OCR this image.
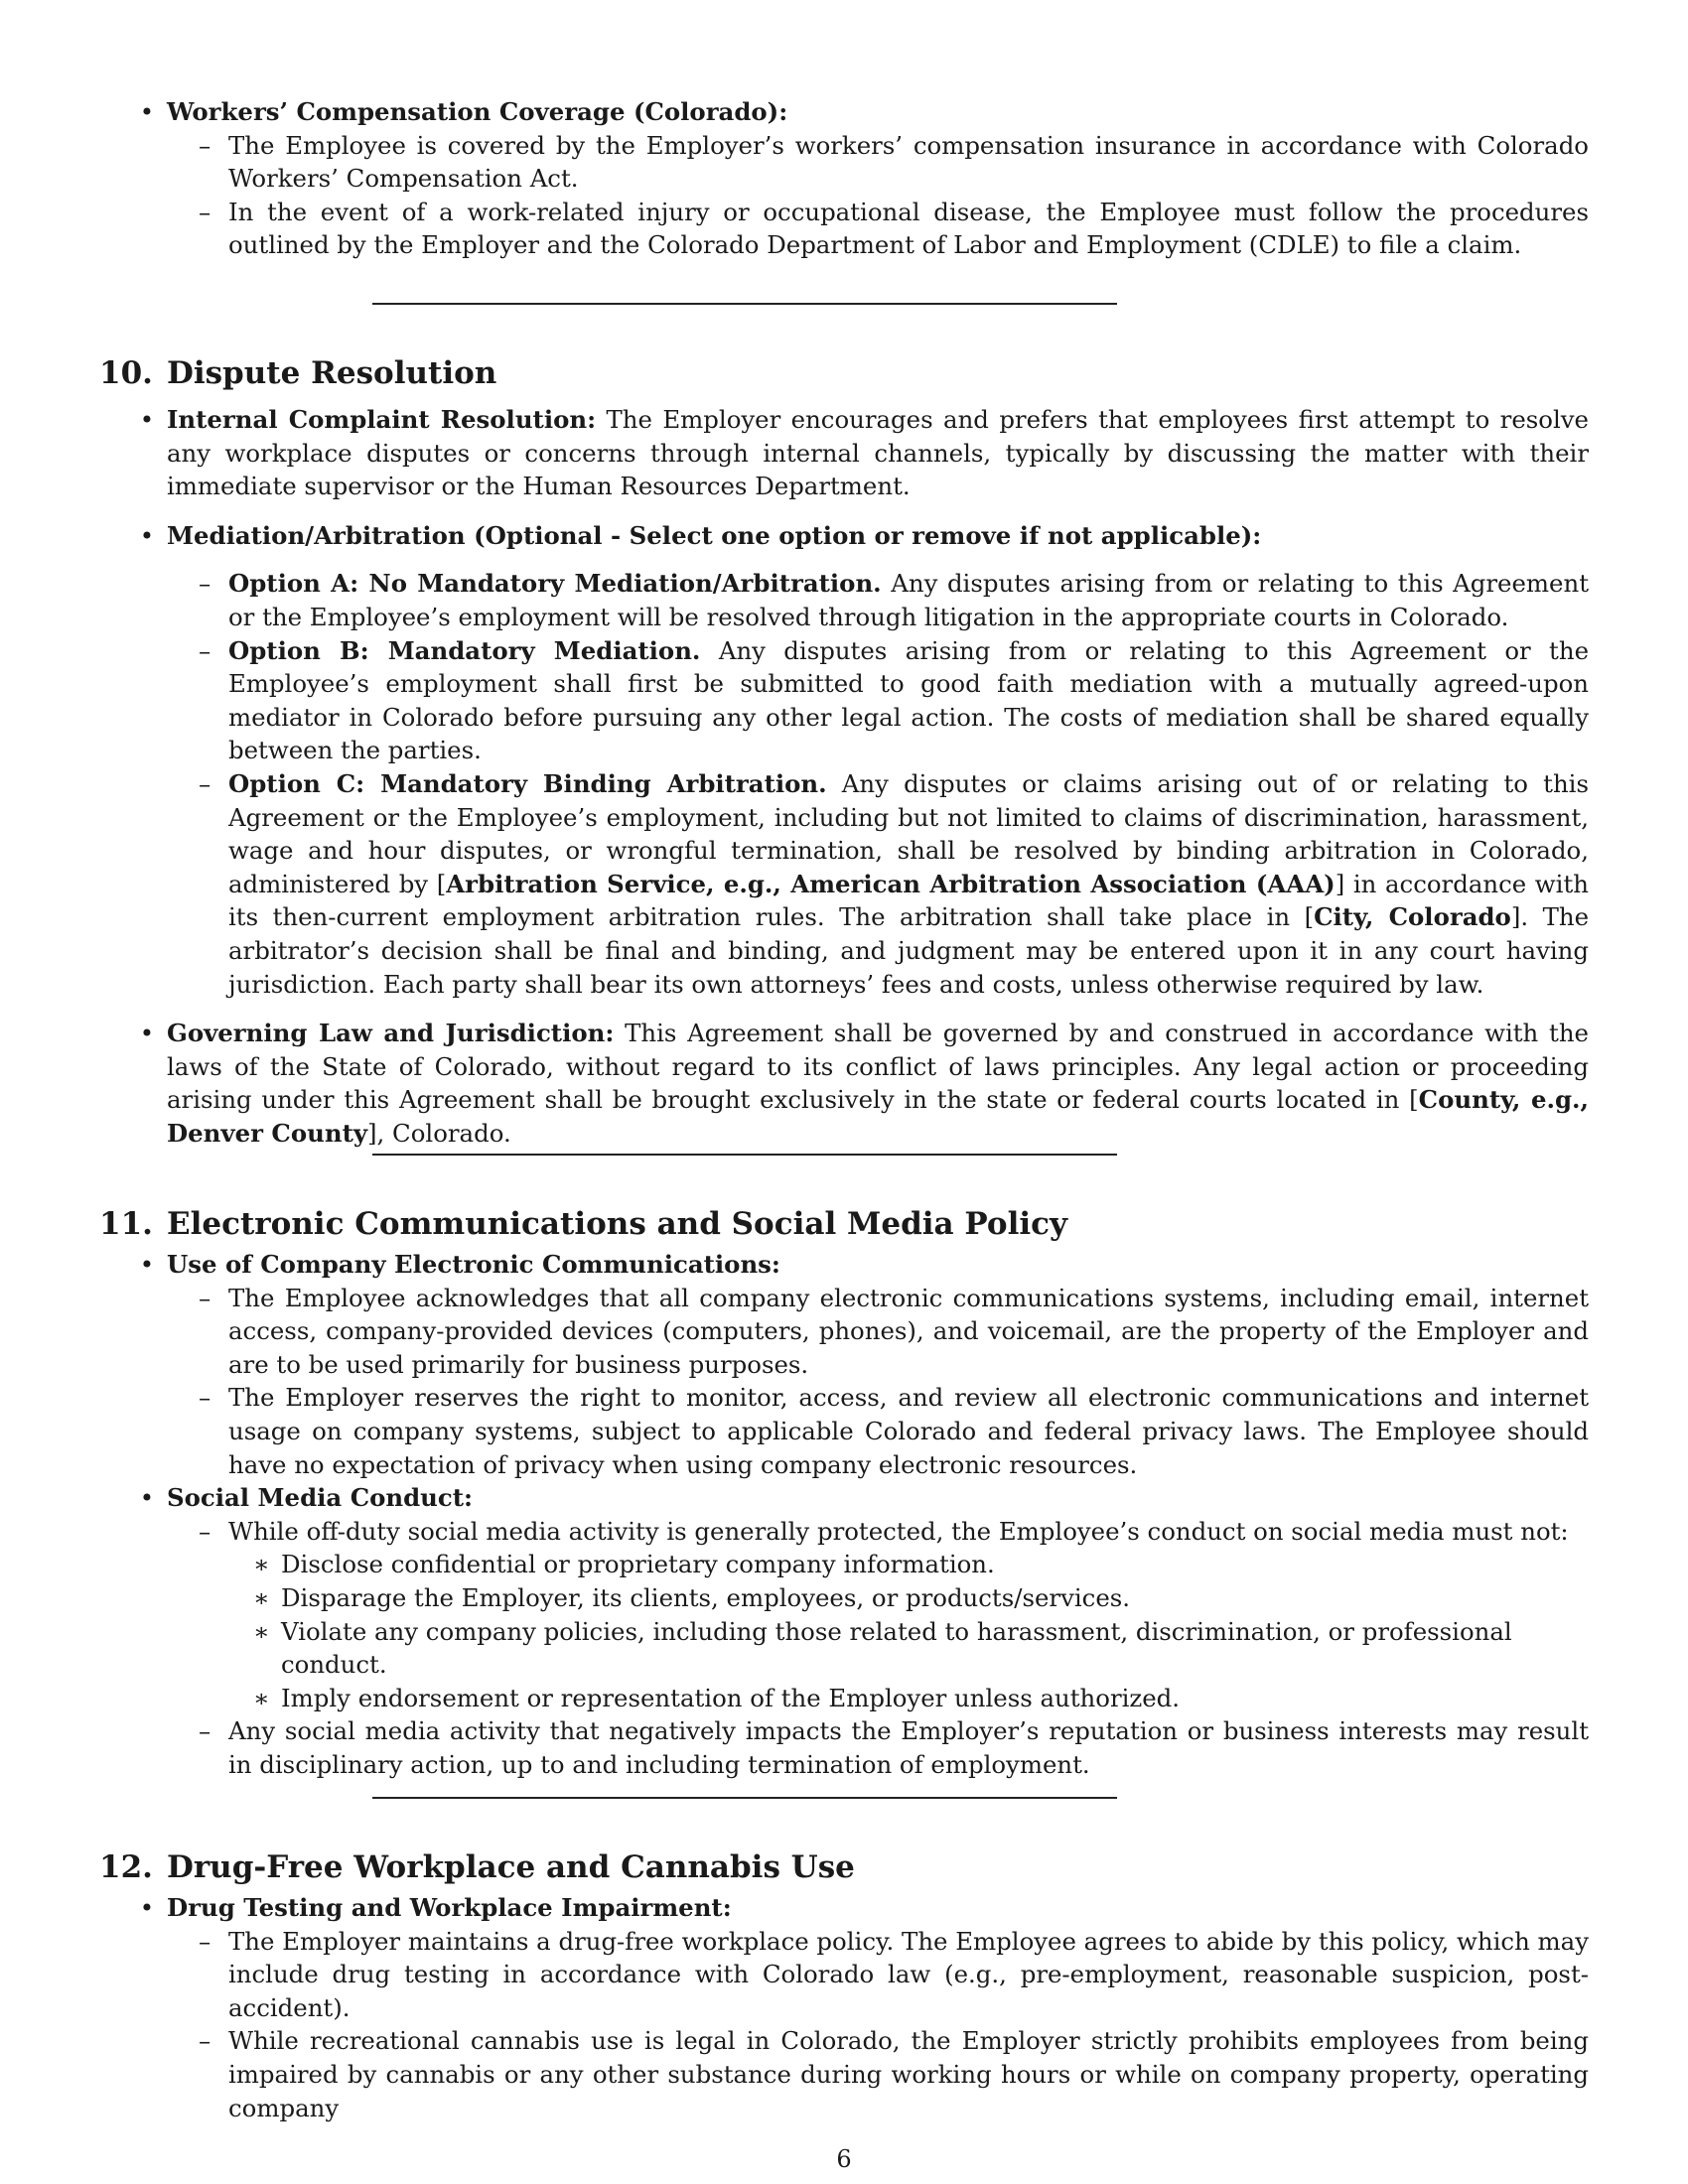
• Workers’ Compensation Coverage (Colorado):
– The Employee is covered by the Employer’s workers’ compensation insurance in accordance with Colorado Workers’ Compensation Act.
– In the event of a work-related injury or occupational disease, the Employee must follow the procedures outlined by the Employer and the Colorado Department of Labor and Employment (CDLE) to file a claim.
10. Dispute Resolution
• Internal Complaint Resolution: The Employer encourages and prefers that employees first attempt to resolve any workplace disputes or concerns through internal channels, typically by discussing the matter with their immediate supervisor or the Human Resources Department.
• Mediation/Arbitration (Optional - Select one option or remove if not applicable):
– Option A: No Mandatory Mediation/Arbitration. Any disputes arising from or relating to this Agreement or the Employee’s employment will be resolved through litigation in the appropriate courts in Colorado.
– Option B: Mandatory Mediation. Any disputes arising from or relating to this Agreement or the Employee’s employment shall first be submitted to good faith mediation with a mutually agreed-upon mediator in Colorado before pursuing any other legal action. The costs of mediation shall be shared equally between the parties.
– Option C: Mandatory Binding Arbitration. Any disputes or claims arising out of or relating to this Agreement or the Employee’s employment, including but not limited to claims of discrimination, harassment, wage and hour disputes, or wrongful termination, shall be resolved by binding arbitration in Colorado, administered by [Arbitration Service, e.g., American Arbitration Association (AAA)] in accordance with its then-current employment arbitration rules. The arbitration shall take place in [City, Colorado]. The arbitrator’s decision shall be final and binding, and judgment may be entered upon it in any court having jurisdiction. Each party shall bear its own attorneys’ fees and costs, unless otherwise required by law.
• Governing Law and Jurisdiction: This Agreement shall be governed by and construed in accordance with the laws of the State of Colorado, without regard to its conflict of laws principles. Any legal action or proceeding arising under this Agreement shall be brought exclusively in the state or federal courts located in [County, e.g., Denver County], Colorado.
11. Electronic Communications and Social Media Policy
• Use of Company Electronic Communications:
– The Employee acknowledges that all company electronic communications systems, including email, internet access, company-provided devices (computers, phones), and voicemail, are the property of the Employer and are to be used primarily for business purposes.
– The Employer reserves the right to monitor, access, and review all electronic communications and internet usage on company systems, subject to applicable Colorado and federal privacy laws. The Employee should have no expectation of privacy when using company electronic resources.
• Social Media Conduct:
– While off-duty social media activity is generally protected, the Employee’s conduct on social media must not:
∗ Disclose confidential or proprietary company information.
∗ Disparage the Employer, its clients, employees, or products/services.
∗ Violate any company policies, including those related to harassment, discrimination, or professional conduct.
∗ Imply endorsement or representation of the Employer unless authorized.
– Any social media activity that negatively impacts the Employer’s reputation or business interests may result in disciplinary action, up to and including termination of employment.
12. Drug-Free Workplace and Cannabis Use
• Drug Testing and Workplace Impairment:
– The Employer maintains a drug-free workplace policy. The Employee agrees to abide by this policy, which may include drug testing in accordance with Colorado law (e.g., pre-employment, reasonable suspicion, post-accident).
– While recreational cannabis use is legal in Colorado, the Employer strictly prohibits employees from being impaired by cannabis or any other substance during working hours or while on company property, operating company
6
